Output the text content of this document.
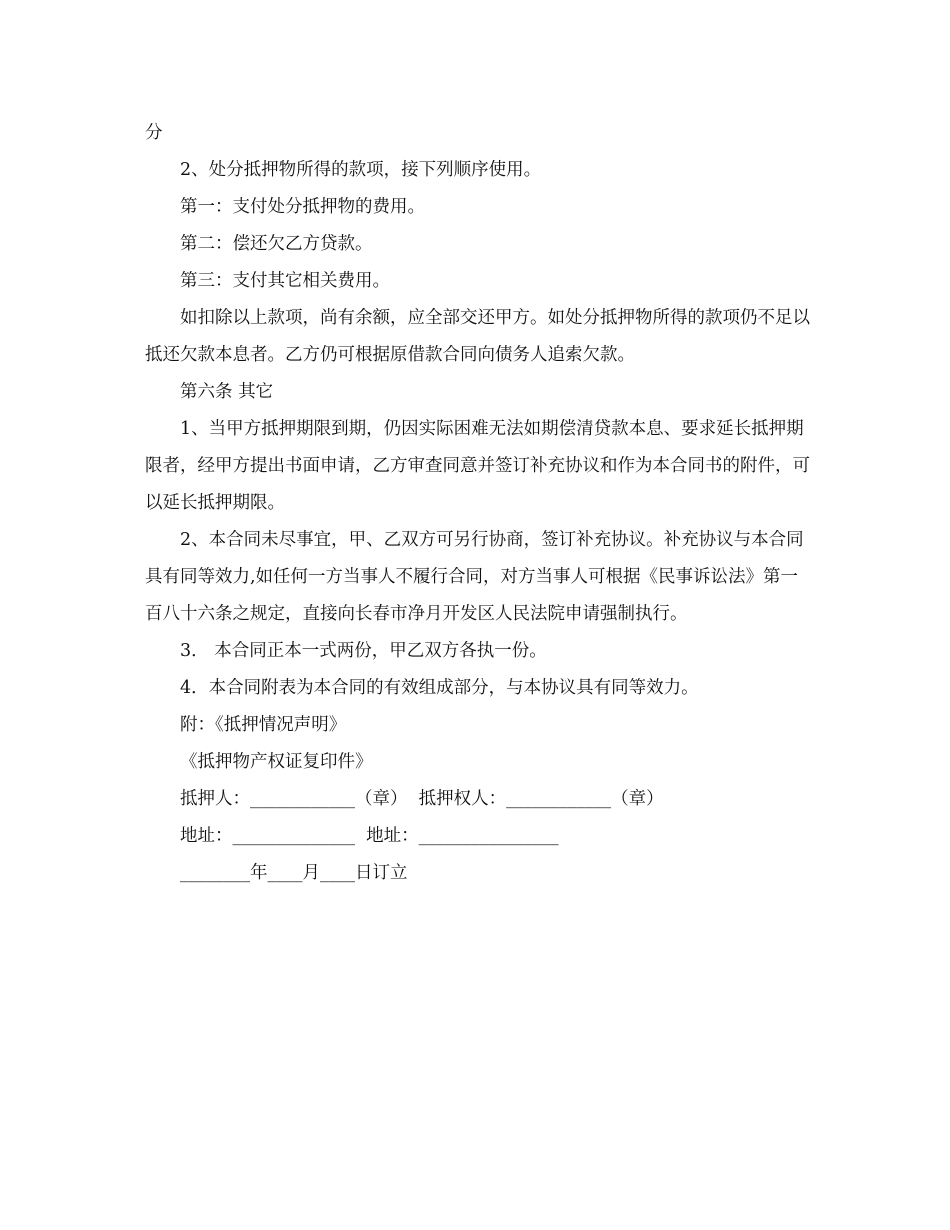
分

2、处分抵押物所得的款项，接下列顺序使用。

第一：支付处分抵押物的费用。

第二：偿还欠乙方贷款。

第三：支付其它相关费用。

如扣除以上款项，尚有余额，应全部交还甲方。如处分抵押物所得的款项仍不足以抵还欠款本息者。乙方仍可根据原借款合同向债务人追索欠款。

第六条 其它

1、当甲方抵押期限到期，仍因实际困难无法如期偿清贷款本息、要求延长抵押期限者，经甲方提出书面申请，乙方审查同意并签订补充协议和作为本合同书的附件，可以延长抵押期限。

2、本合同未尽事宜，甲、乙双方可另行协商，签订补充协议。补充协议与本合同具有同等效力,如任何一方当事人不履行合同，对方当事人可根据《民事诉讼法》第一百八十六条之规定，直接向长春市净月开发区人民法院申请强制执行。

3． 本合同正本一式两份，甲乙双方各执一份。

4．本合同附表为本合同的有效组成部分，与本协议具有同等效力。

附：《抵押情况声明》

《抵押物产权证复印件》

抵押人：____________（章） 抵押权人：____________（章）

地址：______________ 地址：________________

________年____月____日订立
